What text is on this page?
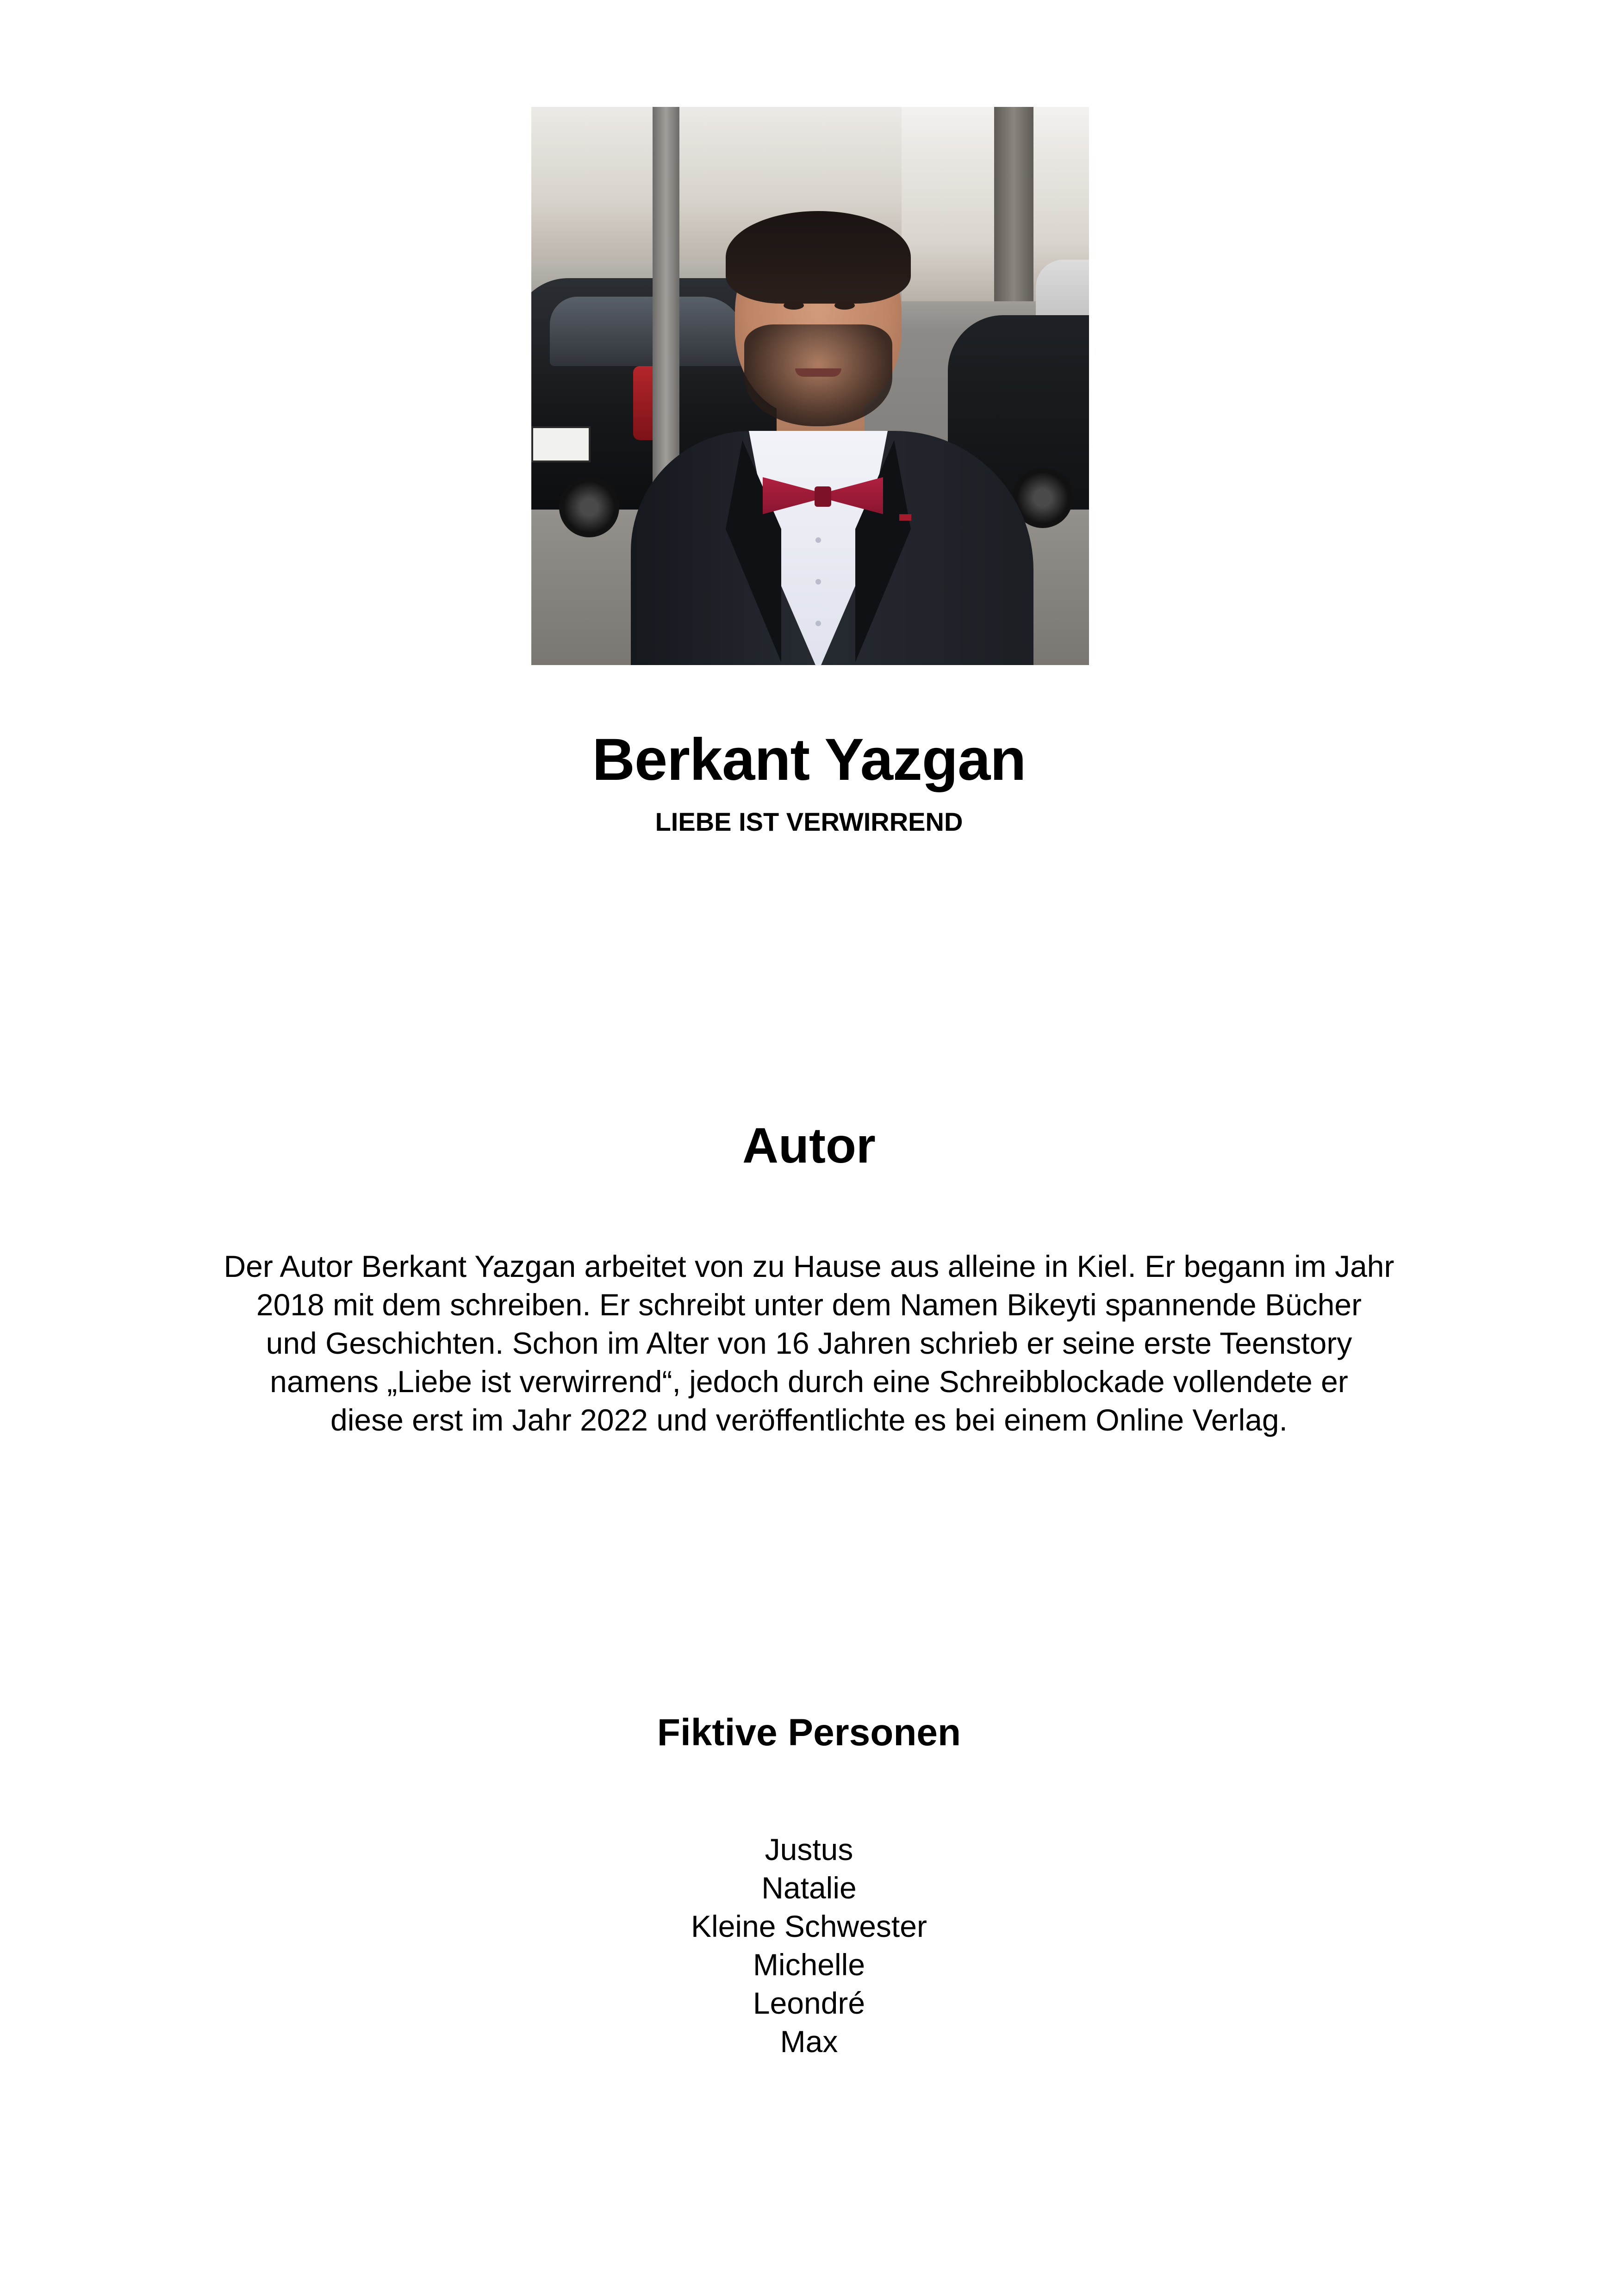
Berkant Yazgan
LIEBE IST VERWIRREND
Autor
Der Autor Berkant Yazgan arbeitet von zu Hause aus alleine in Kiel. Er begann im Jahr
2018 mit dem schreiben. Er schreibt unter dem Namen Bikeyti spannende Bücher
und Geschichten. Schon im Alter von 16 Jahren schrieb er seine erste Teenstory
namens „Liebe ist verwirrend“, jedoch durch eine Schreibblockade vollendete er
diese erst im Jahr 2022 und veröffentlichte es bei einem Online Verlag.
Fiktive Personen
Justus
Natalie
Kleine Schwester
Michelle
Leondré
Max
